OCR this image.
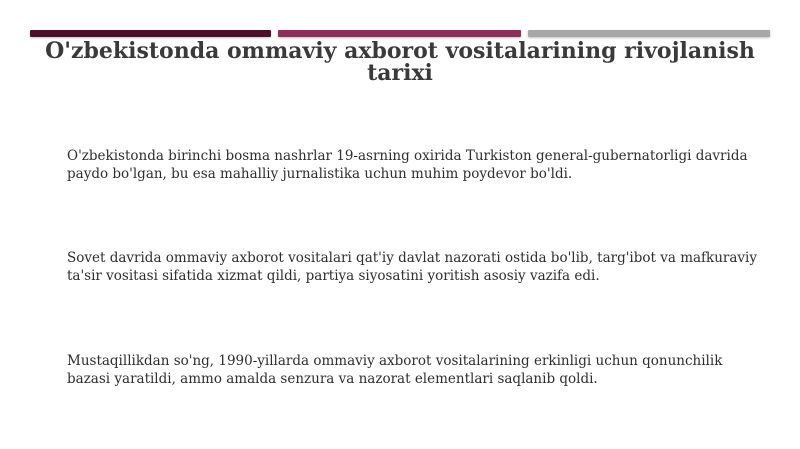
O'zbekistonda ommaviy axborot vositalarining rivojlanish tarixi

O'zbekistonda birinchi bosma nashrlar 19-asrning oxirida Turkiston general-gubernatorligi davrida paydo bo'lgan, bu esa mahalliy jurnalistika uchun muhim poydevor bo'ldi.

Sovet davrida ommaviy axborot vositalari qat'iy davlat nazorati ostida bo'lib, targ'ibot va mafkuraviy ta'sir vositasi sifatida xizmat qildi, partiya siyosatini yoritish asosiy vazifa edi.

Mustaqillikdan so'ng, 1990-yillarda ommaviy axborot vositalarining erkinligi uchun qonunchilik bazasi yaratildi, ammo amalda senzura va nazorat elementlari saqlanib qoldi.
